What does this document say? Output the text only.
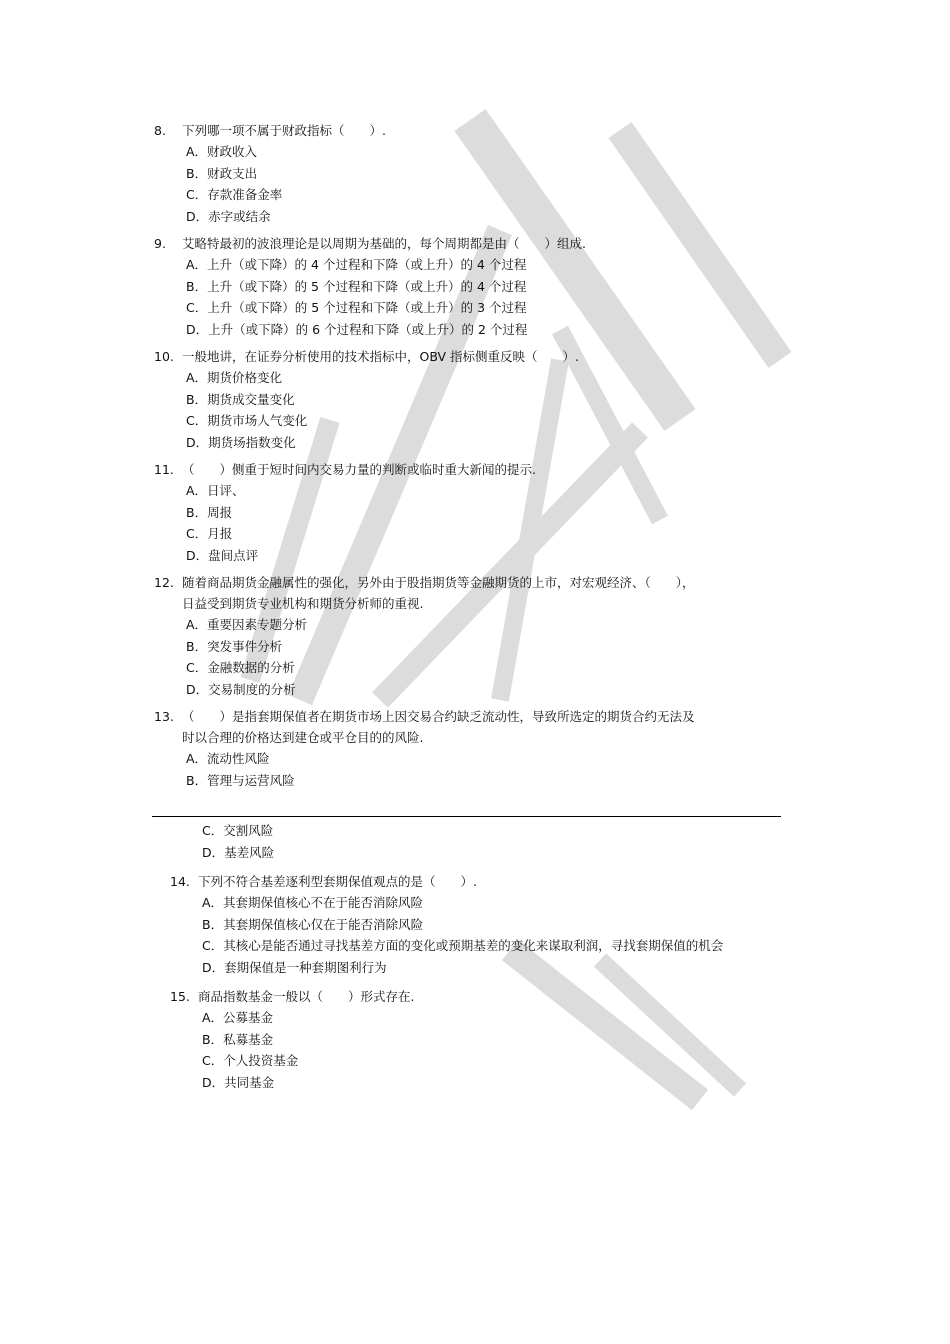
8. 下列哪一项不属于财政指标（　　）.
A．财政收入
B．财政支出
C．存款准备金率
D．赤字或结余
9. 艾略特最初的波浪理论是以周期为基础的，每个周期都是由（　　）组成.
A．上升（或下降）的 4 个过程和下降（或上升）的 4 个过程
B．上升（或下降）的 5 个过程和下降（或上升）的 4 个过程
C．上升（或下降）的 5 个过程和下降（或上升）的 3 个过程
D．上升（或下降）的 6 个过程和下降（或上升）的 2 个过程
10. 一般地讲，在证券分析使用的技术指标中，OBV 指标侧重反映（　　）.
A．期货价格变化
B．期货成交量变化
C．期货市场人气变化
D．期货场指数变化
11. （　　）侧重于短时间内交易力量的判断或临时重大新闻的提示.
A．日评、
B．周报
C．月报
D．盘间点评
12. 随着商品期货金融属性的强化，另外由于股指期货等金融期货的上市，对宏观经济、（　　），
日益受到期货专业机构和期货分析师的重视.
A．重要因素专题分析
B．突发事件分析
C．金融数据的分析
D．交易制度的分析
13. （　　）是指套期保值者在期货市场上因交易合约缺乏流动性，导致所选定的期货合约无法及
时以合理的价格达到建仓或平仓目的的风险.
A．流动性风险
B．管理与运营风险
C．交割风险
D．基差风险
14. 下列不符合基差逐利型套期保值观点的是（　　）.
A．其套期保值核心不在于能否消除风险
B．其套期保值核心仅在于能否消除风险
C．其核心是能否通过寻找基差方面的变化或预期基差的变化来谋取利润，寻找套期保值的机会
D．套期保值是一种套期图利行为
15. 商品指数基金一般以（　　）形式存在.
A．公募基金
B．私募基金
C．个人投资基金
D．共同基金
